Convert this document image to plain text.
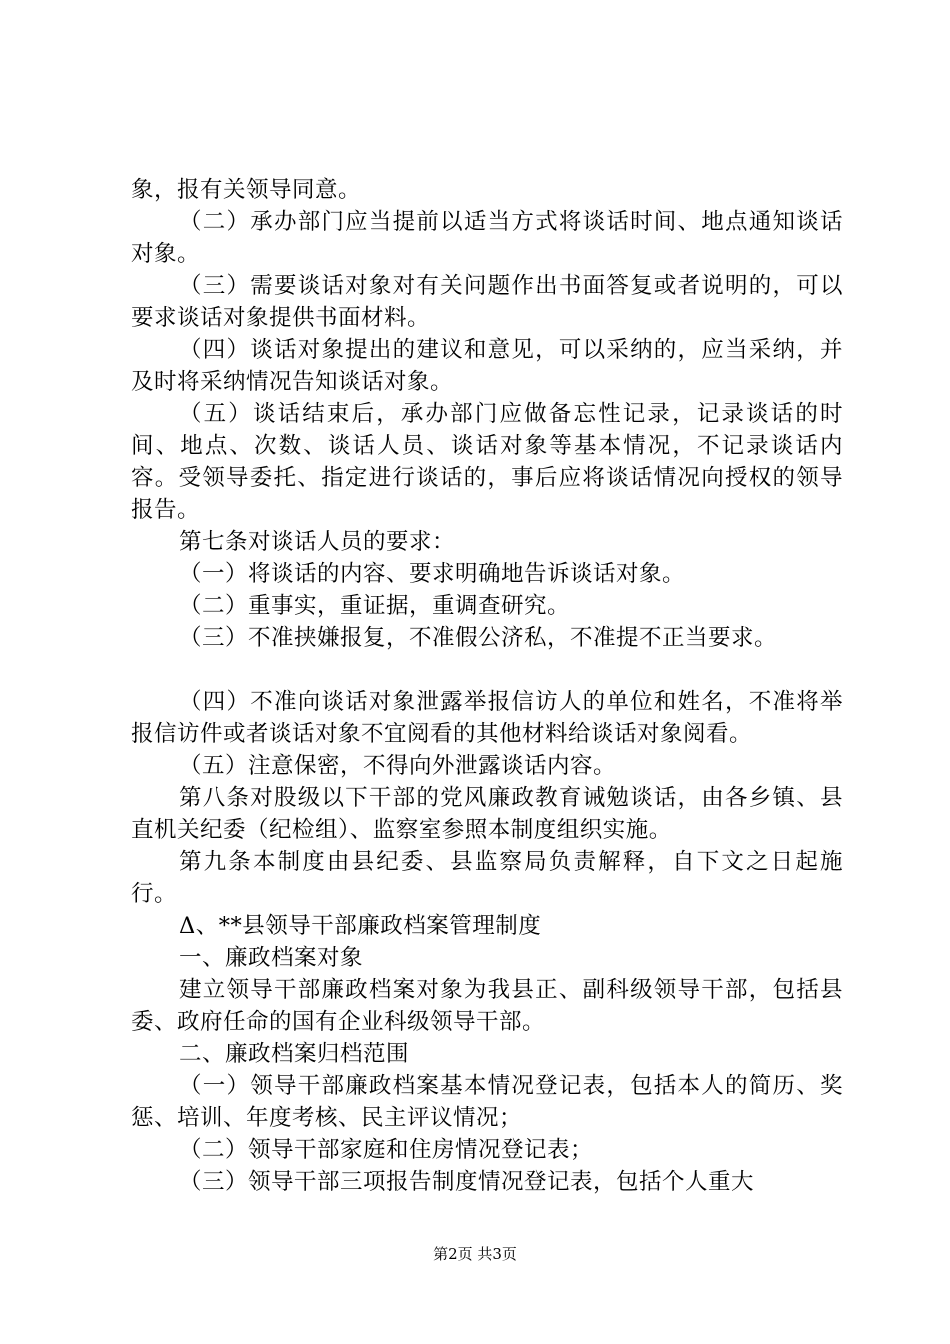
象，报有关领导同意。

（二）承办部门应当提前以适当方式将谈话时间、地点通知谈话对象。

（三）需要谈话对象对有关问题作出书面答复或者说明的，可以要求谈话对象提供书面材料。

（四）谈话对象提出的建议和意见，可以采纳的，应当采纳，并及时将采纳情况告知谈话对象。

（五）谈话结束后，承办部门应做备忘性记录，记录谈话的时间、地点、次数、谈话人员、谈话对象等基本情况，不记录谈话内容。受领导委托、指定进行谈话的，事后应将谈话情况向授权的领导报告。

第七条对谈话人员的要求：

（一）将谈话的内容、要求明确地告诉谈话对象。

（二）重事实，重证据，重调查研究。

（三）不准挟嫌报复，不准假公济私，不准提不正当要求。

（四）不准向谈话对象泄露举报信访人的单位和姓名，不准将举报信访件或者谈话对象不宜阅看的其他材料给谈话对象阅看。

（五）注意保密，不得向外泄露谈话内容。

第八条对股级以下干部的党风廉政教育诫勉谈话，由各乡镇、县直机关纪委（纪检组）、监察室参照本制度组织实施。

第九条本制度由县纪委、县监察局负责解释，自下文之日起施行。

Δ、**县领导干部廉政档案管理制度

一、廉政档案对象

建立领导干部廉政档案对象为我县正、副科级领导干部，包括县委、政府任命的国有企业科级领导干部。

二、廉政档案归档范围

（一）领导干部廉政档案基本情况登记表，包括本人的简历、奖惩、培训、年度考核、民主评议情况；

（二）领导干部家庭和住房情况登记表；

（三）领导干部三项报告制度情况登记表，包括个人重大

第2页 共3页
